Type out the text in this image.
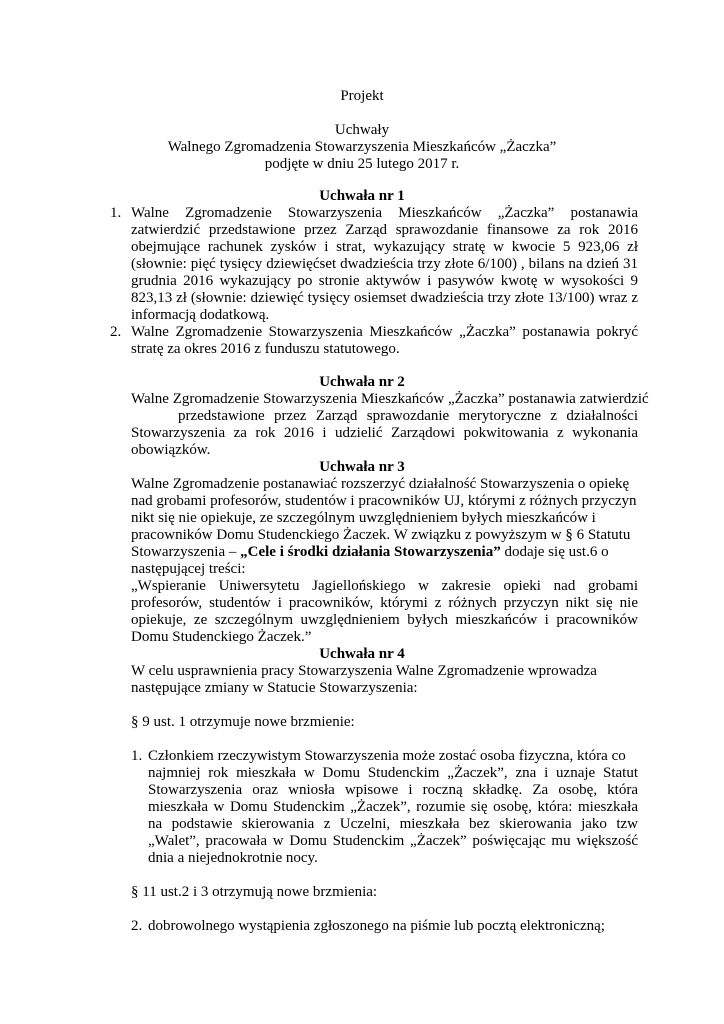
Projekt
Uchwały
Walnego Zgromadzenia Stowarzyszenia Mieszkańców „Żaczka”
podjęte w dniu 25 lutego 2017 r.
Uchwała nr 1
1. Walne Zgromadzenie Stowarzyszenia Mieszkańców „Żaczka” postanawia zatwierdzić przedstawione przez Zarząd sprawozdanie finansowe za rok 2016 obejmujące rachunek zysków i strat, wykazujący stratę w kwocie 5 923,06 zł (słownie: pięć tysięcy dziewięćset dwadzieścia trzy złote 6/100) , bilans na dzień 31 grudnia 2016 wykazujący po stronie aktywów i pasywów kwotę w wysokości 9 823,13 zł (słownie: dziewięć tysięcy osiemset dwadzieścia trzy złote 13/100) wraz z informacją dodatkową.
2. Walne Zgromadzenie Stowarzyszenia Mieszkańców „Żaczka” postanawia pokryć stratę za okres 2016 z funduszu statutowego.
Uchwała nr 2
Walne Zgromadzenie Stowarzyszenia Mieszkańców „Żaczka” postanawia zatwierdzić
przedstawione przez Zarząd sprawozdanie merytoryczne z działalności
Stowarzyszenia za rok 2016 i udzielić Zarządowi pokwitowania z wykonania obowiązków.
Uchwała nr 3
Walne Zgromadzenie postanawiać rozszerzyć działalność Stowarzyszenia o opiekę
nad grobami profesorów, studentów i pracowników UJ, którymi z różnych przyczyn
nikt się nie opiekuje, ze szczególnym uwzględnieniem byłych mieszkańców i
pracowników Domu Studenckiego Żaczek. W związku z powyższym w § 6 Statutu
Stowarzyszenia – „Cele i środki działania Stowarzyszenia” dodaje się ust.6 o
następującej treści:
„Wspieranie Uniwersytetu Jagiellońskiego w zakresie opieki nad grobami profesorów, studentów i pracowników, którymi z różnych przyczyn nikt się nie opiekuje, ze szczególnym uwzględnieniem byłych mieszkańców i pracowników Domu Studenckiego Żaczek.”
Uchwała nr 4
W celu usprawnienia pracy Stowarzyszenia Walne Zgromadzenie wprowadza
następujące zmiany w Statucie Stowarzyszenia:
§ 9 ust. 1 otrzymuje nowe brzmienie:
1. Członkiem rzeczywistym Stowarzyszenia może zostać osoba fizyczna, która co
najmniej rok mieszkała w Domu Studenckim „Żaczek”, zna i uznaje Statut Stowarzyszenia oraz wniosła wpisowe i roczną składkę. Za osobę, która mieszkała w Domu Studenckim „Żaczek”, rozumie się osobę, która: mieszkała na podstawie skierowania z Uczelni, mieszkała bez skierowania jako tzw „Walet”, pracowała w Domu Studenckim „Żaczek” poświęcając mu większość dnia a niejednokrotnie nocy.
§ 11 ust.2 i 3 otrzymują nowe brzmienia:
2. dobrowolnego wystąpienia zgłoszonego na piśmie lub pocztą elektroniczną;
